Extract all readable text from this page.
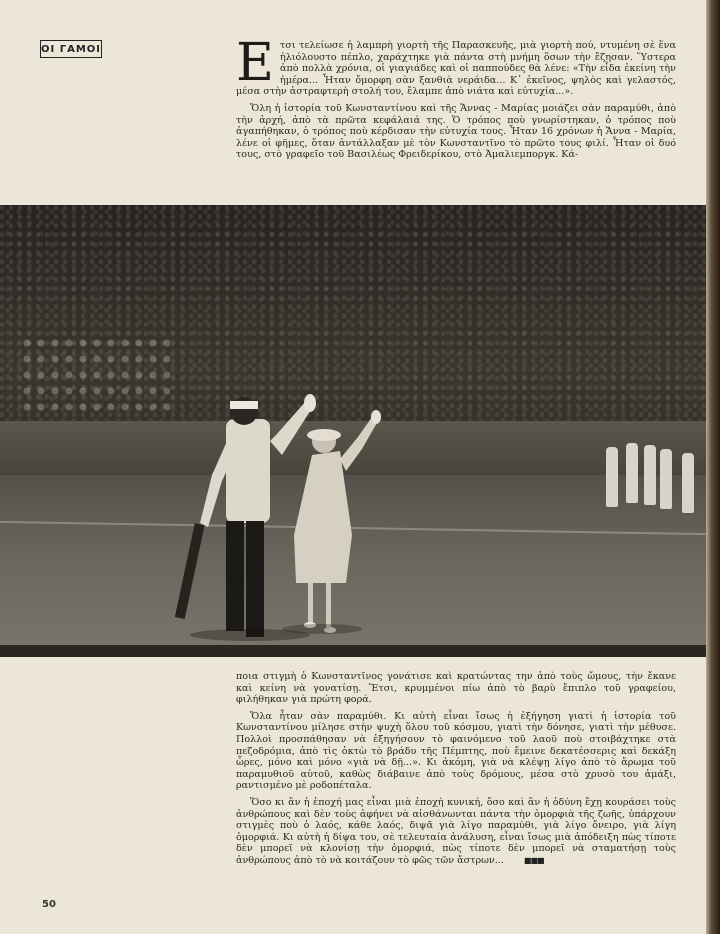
ΟΙ ΓΑΜΟΙ	Ετσι τελείωσε ἡ λαμπρὴ γιορτὴ τῆς Παρασκευῆς, μιὰ γιορτὴ πού, ντυμένη σὲ ἕνα ἡλιόλουστο πέπλο, χαράχτηκε γιὰ πάντα στὴ μνήμη ὅσων τὴν ἔζησαν. Ὕστερα ἀπὸ πολλὰ χρόνια, οἱ γιαγιάδες καὶ οἱ παππούδες θὰ λένε: «Τὴν εἶδα ἐκείνη τὴν ἡμέρα... Ἦταν ὄμορφη σὰν ξανθιὰ νεράιδα... Κ᾽ ἐκεῖνος, ψηλὸς καὶ γελαστός, μέσα στὴν ἀστραφτερὴ στολή του, ἔλαμπε ἀπὸ νιάτα καὶ εὐτυχία...».

Ὅλη ἡ ἱστορία τοῦ Κωνσταντίνου καὶ τῆς Ἄννας - Μαρίας μοιάζει σὰν παραμύθι, ἀπὸ τὴν ἀρχή, ἀπὸ τὰ πρῶτα κεφάλαιά της. Ὁ τρόπος ποὺ γνωρίστηκαν, ὁ τρόπος ποὺ ἀγαπήθηκαν, ὁ τρόπος ποὺ κέρδισαν τὴν εὐτυχία τους. Ἦταν 16 χρόνων ἡ Ἄννα - Μαρία, λένε οἱ φῆμες, ὅταν ἀντάλλαξαν μὲ τὸν Κωνσταντῖνο τὸ πρῶτο τους φιλί. Ἦταν οἱ δυό τους, στὸ γραφεῖο τοῦ Βασιλέως Φρειδερίκου, στὸ Ἀμαλιεμποργκ. Κά-

ποια στιγμὴ ὁ Κωνσταντῖνος γονάτισε καὶ κρατώντας την ἀπὸ τοὺς ὤμους, τὴν ἔκανε καὶ κείνη νὰ γονατίσῃ. Ἔτσι, κρυμμένοι πίω ἀπὸ τὸ βαρὺ ἔπιπλο τοῦ γραφείου, φιλήθηκαν γιὰ πρώτη φορά.

Ὅλα ἦταν σὰν παραμύθι. Κι αὐτὴ εἶναι ἴσως ἡ ἐξήγηση γιατὶ ἡ ἱστορία τοῦ Κωνσταντίνου μίλησε στὴν ψυχὴ ὅλου τοῦ κόσμου, γιατὶ τὴν δόνησε, γιατὶ τὴν μέθυσε. Πολλοὶ προσπάθησαν νὰ ἐξηγήσουν τὸ φαινόμενο τοῦ λαοῦ ποὺ στοιβάχτηκε στὰ πεζοδρόμια, ἀπὸ τὶς ὀκτὼ τὸ βράδυ τῆς Πέμπτης, ποὺ ἔμεινε δεκατέσσερις καὶ δεκάξη ὧρες, μόνο καὶ μόνο «γιὰ νὰ δῇ...». Κι ἀκόμη, γιὰ νὰ κλέψῃ λίγο ἀπὸ τὸ ἄρωμα τοῦ παραμυθιοῦ αὐτοῦ, καθὼς διάβαινε ἀπὸ τοὺς δρόμους, μέσα στὸ χρυσὸ του ἁμάξι, ραντισμένο μὲ ροδοπέταλα.

Ὅσο κι ἂν ἡ ἐποχή μας εἶναι μιὰ ἐποχὴ κυνική, ὅσο καὶ ἂν ἡ ὀδύνη ἔχῃ κουράσει τοὺς ἀνθρώπους καὶ δὲν τοὺς ἀφήνει νὰ αἰσθάνωνται πάντα τὴν ὀμορφιὰ τῆς ζωῆς, ὑπάρχουν στιγμὲς ποὺ ὁ λαός, κάθε λαός, διψᾶ γιὰ λίγο παραμύθι, γιὰ λίγο ὄνειρο, γιὰ λίγη ὀμορφιά. Κι αὐτὴ ἡ δίψα του, σὲ τελευταία ἀνάλυση, εἶναι ἴσως μιὰ ἀπόδειξη πὼς τίποτε δὲν μπορεῖ νὰ κλονίσῃ τὴν ὀμορφιά, πὼς τίποτε δὲν μπορεῖ νὰ σταματήσῃ τοὺς ἀνθρώπους ἀπὸ τὸ νὰ κοιτάζουν τὸ φῶς τῶν ἄστρων...	■■■

50
